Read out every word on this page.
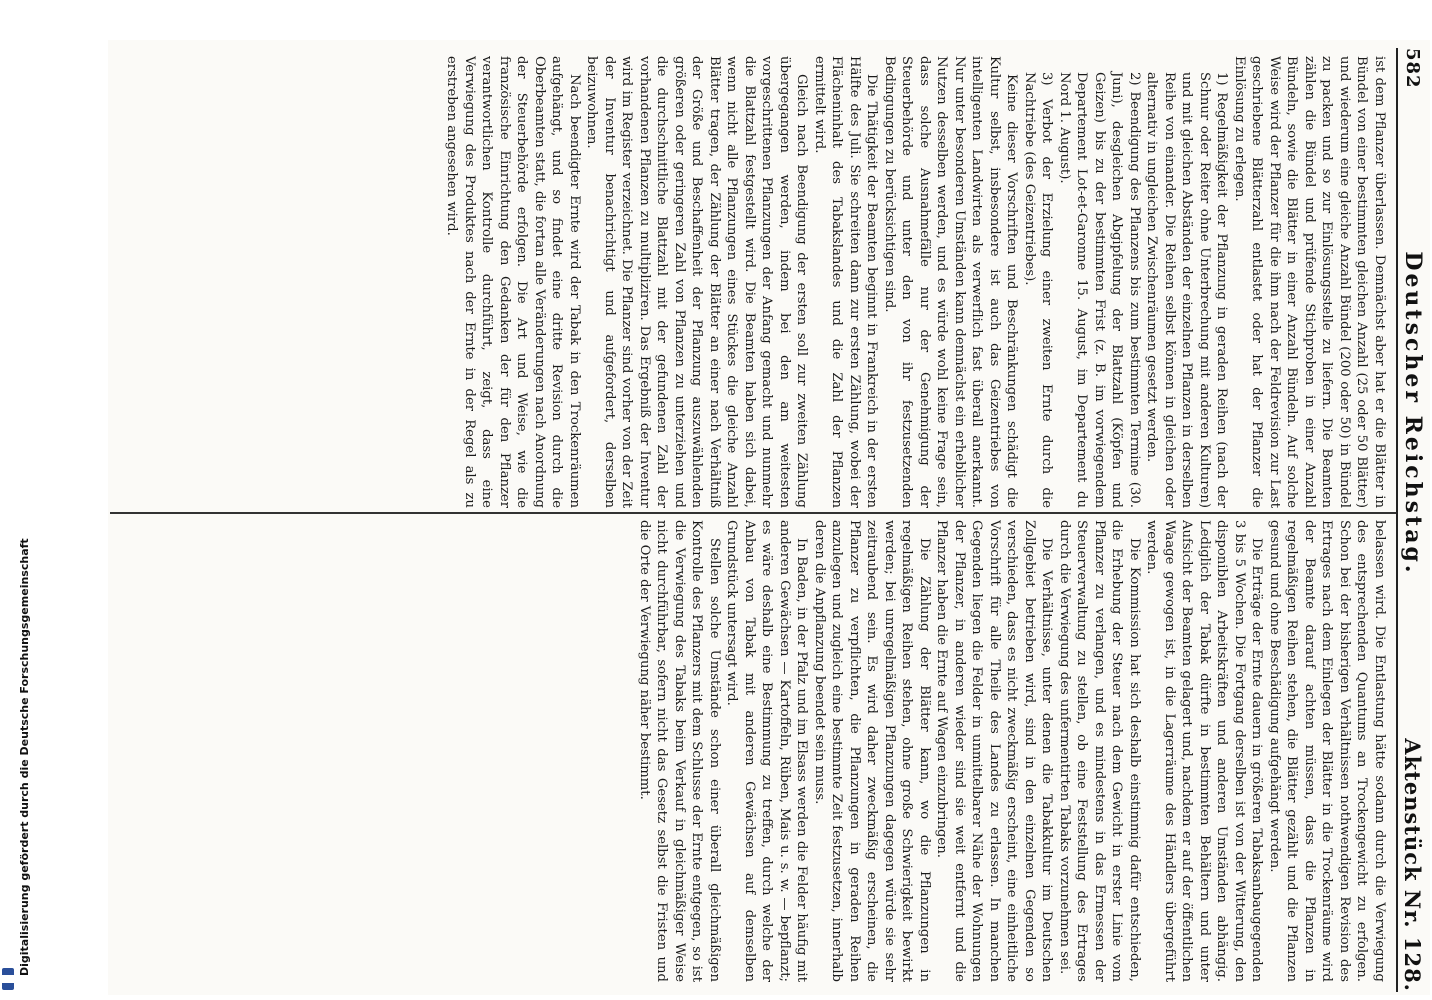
Digitalisierung gefördert durch die Deutsche Forschungsgemeinschaft
582
Deutscher Reichstag.
Aktenstück Nr. 128.

ist dem Pflanzer überlassen. Demnächst aber hat er die Blätter in Bündel von einer bestimmten gleichen Anzahl (25 oder 50 Blätter) und wiederum eine gleiche Anzahl Bündel (200 oder 50) in Bündel zu packen und so zur Einlösungsstelle zu liefern. Die Beamten zählen die Bündel und prüfende Stichproben in einer Anzahl Bündeln, sowie die Blätter in einer Anzahl Bündeln. Auf solche Weise wird der Pflanzer für die ihm nach der Feldrevision zur Last geschriebene Blätterzahl entlastet oder hat der Pflanzer die Einlösung zu erlegen.

1) Regelmäßigkeit der Pflanzung in geraden Reihen (nach der Schnur oder Reiter ohne Unterbrechung mit anderen Kulturen) und mit gleichen Abständen der einzelnen Pflanzen in derselben Reihe von einander. Die Reihen selbst können in gleichen oder alternativ in ungleichen Zwischenräumen gesetzt werden.

2) Beendigung des Pflanzens bis zum bestimmten Termine (30. Juni), desgleichen Abgipfelung der Blattzahl (Köpfen und Geizen) bis zu der bestimmten Frist (z. B. im vorwiegendem Departement Lot-et-Garonne 15. August, im Departement du Nord 1. August).

3) Verbot der Erzielung einer zweiten Ernte durch die Nachtriebe (des Geizentriebes).

Keine dieser Vorschriften und Beschränkungen schädigt die Kultur selbst, insbesondere ist auch das Geizentriebes von intelligenten Landwirten als verwerflich fast überall anerkannt. Nur unter besonderen Umständen kann demnächst ein erheblicher Nutzen desselben werden, und es würde wohl keine Frage sein, dass solche Ausnahmefälle nur der Genehmigung der Steuerbehörde und unter den von ihr festzusetzenden Bedingungen zu berücksichtigen sind.

Die Thätigkeit der Beamten beginnt in Frankreich in der ersten Hälfte des Juli. Sie schreiten dann zur ersten Zählung, wobei der Flächeninhalt des Tabakslandes und die Zahl der Pflanzen ermittelt wird.

Gleich nach Beendigung der ersten soll zur zweiten Zählung übergegangen werden, indem bei den am weitesten vorgeschrittenen Pflanzungen der Anfang gemacht und nunmehr die Blattzahl festgestellt wird. Die Beamten haben sich dabei, wenn nicht alle Pflanzungen eines Stückes die gleiche Anzahl Blätter tragen, der Zählung der Blätter an einer nach Verhältniß der Größe und Beschaffenheit der Pflanzung auszuwählenden größeren oder geringeren Zahl von Pflanzen zu unterziehen und die durchschnittliche Blattzahl mit der gefundenen Zahl der vorhandenen Pflanzen zu multipliziren. Das Ergebniß der Inventur wird im Register verzeichnet. Die Pflanzer sind vorher von der Zeit der Inventur benachrichtigt und aufgefordert, derselben beizuwohnen.

Nach beendigter Ernte wird der Tabak in den Trockenräumen aufgehängt, und so findet eine dritte Revision durch die Oberbeamten statt, die fortan alle Veränderungen nach Anordnung der Steuerbehörde erfolgen. Die Art und Weise, wie die französische Einrichtung den Gedanken der für den Pflanzer verantwortlichen Kontrolle durchführt, zeigt, dass eine Verwiegung des Produktes nach der Ernte in der Regel als zu erstreben angesehen wird.

belassen wird. Die Entlastung hätte sodann durch die Verwiegung des entsprechenden Quantums an Trockengewicht zu erfolgen. Schon bei der bisherigen Verhältnissen nothwendigen Revision des Ertrages nach dem Einlegen der Blätter in die Trockenräume wird der Beamte darauf achten müssen, dass die Pflanzen in regelmäßigen Reihen stehen, die Blätter gezählt und die Pflanzen gesund und ohne Beschädigung aufgehängt werden.

Die Erträge der Ernte dauern in größeren Tabaksanbaugegenden 3 bis 5 Wochen. Die Fortgang derselben ist von der Witterung, den disponiblen Arbeitskräften und anderen Umständen abhängig. Lediglich der Tabak dürfte in bestimmten Behältern und unter Aufsicht der Beamten gelagert und, nachdem er auf der öffentlichen Waage gewogen ist, in die Lagerräume des Händlers übergeführt werden.

Die Kommission hat sich deshalb einstimmig dafür entschieden, die Erhebung der Steuer nach dem Gewicht in erster Linie vom Pflanzer zu verlangen, und es mindestens in das Ermessen der Steuerverwaltung zu stellen, ob eine Feststellung des Ertrages durch die Verwiegung des unfermentirten Tabaks vorzunehmen sei.

Die Verhältnisse, unter denen die Tabakkultur im Deutschen Zollgebiet betrieben wird, sind in den einzelnen Gegenden so verschieden, dass es nicht zweckmäßig erscheint, eine einheitliche Vorschrift für alle Theile des Landes zu erlassen. In manchen Gegenden liegen die Felder in unmittelbarer Nähe der Wohnungen der Pflanzer, in anderen wieder sind sie weit entfernt und die Pflanzer haben die Ernte auf Wagen einzubringen.

Die Zählung der Blätter kann, wo die Pflanzungen in regelmäßigen Reihen stehen, ohne große Schwierigkeit bewirkt werden; bei unregelmäßigen Pflanzungen dagegen würde sie sehr zeitraubend sein. Es wird daher zweckmäßig erscheinen, die Pflanzer zu verpflichten, die Pflanzungen in geraden Reihen anzulegen und zugleich eine bestimmte Zeit festzusetzen, innerhalb deren die Anpflanzung beendet sein muss.

In Baden, in der Pfalz und im Elsass werden die Felder häufig mit anderen Gewächsen — Kartoffeln, Rüben, Mais u. s. w. — bepflanzt; es wäre deshalb eine Bestimmung zu treffen, durch welche der Anbau von Tabak mit anderen Gewächsen auf demselben Grundstück untersagt wird.

Stellen solche Umstände schon einer überall gleichmäßigen Kontrolle des Pflanzers mit dem Schlusse der Ernte entgegen, so ist die Verwiegung des Tabaks beim Verkauf in gleichmäßiger Weise nicht durchführbar, sofern nicht das Gesetz selbst die Fristen und die Orte der Verwiegung näher bestimmt.
